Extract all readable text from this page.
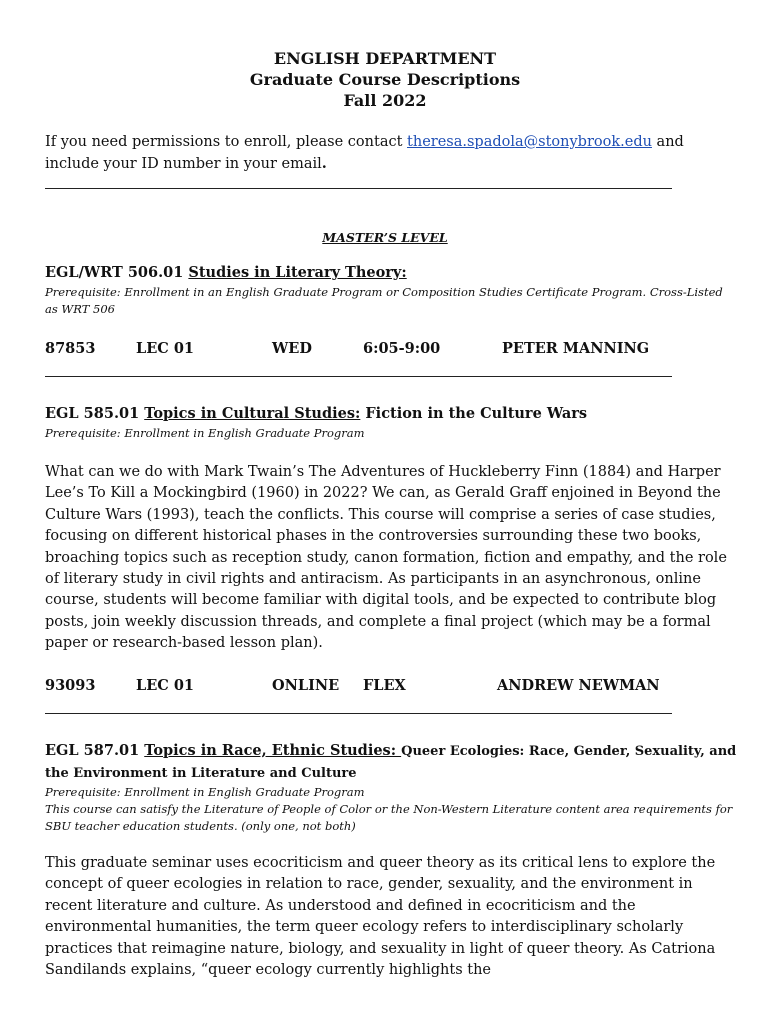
ENGLISH DEPARTMENT
Graduate Course Descriptions
Fall 2022
If you need permissions to enroll, please contact theresa.spadola@stonybrook.edu and include your ID number in your email.
MASTER’S LEVEL
EGL/WRT 506.01 Studies in Literary Theory:
Prerequisite: Enrollment in an English Graduate Program or Composition Studies Certificate Program. Cross-Listed as WRT 506
87853	LEC 01	WED	6:05-9:00	PETER MANNING
EGL 585.01 Topics in Cultural Studies: Fiction in the Culture Wars
Prerequisite: Enrollment in English Graduate Program
What can we do with Mark Twain’s The Adventures of Huckleberry Finn (1884) and Harper Lee’s To Kill a Mockingbird (1960) in 2022? We can, as Gerald Graff enjoined in Beyond the Culture Wars (1993), teach the conflicts. This course will comprise a series of case studies, focusing on different historical phases in the controversies surrounding these two books, broaching topics such as reception study, canon formation, fiction and empathy, and the role of literary study in civil rights and antiracism. As participants in an asynchronous, online course, students will become familiar with digital tools, and be expected to contribute blog posts, join weekly discussion threads, and complete a final project (which may be a formal paper or research-based lesson plan).
93093	LEC 01	ONLINE FLEX	ANDREW NEWMAN
EGL 587.01 Topics in Race, Ethnic Studies: Queer Ecologies: Race, Gender, Sexuality, and the Environment in Literature and Culture
Prerequisite: Enrollment in English Graduate Program
This course can satisfy the Literature of People of Color or the Non-Western Literature content area requirements for SBU teacher education students. (only one, not both)
This graduate seminar uses ecocriticism and queer theory as its critical lens to explore the concept of queer ecologies in relation to race, gender, sexuality, and the environment in recent literature and culture. As understood and defined in ecocriticism and the environmental humanities, the term queer ecology refers to interdisciplinary scholarly practices that reimagine nature, biology, and sexuality in light of queer theory. As Catriona Sandilands explains, “queer ecology currently highlights the
